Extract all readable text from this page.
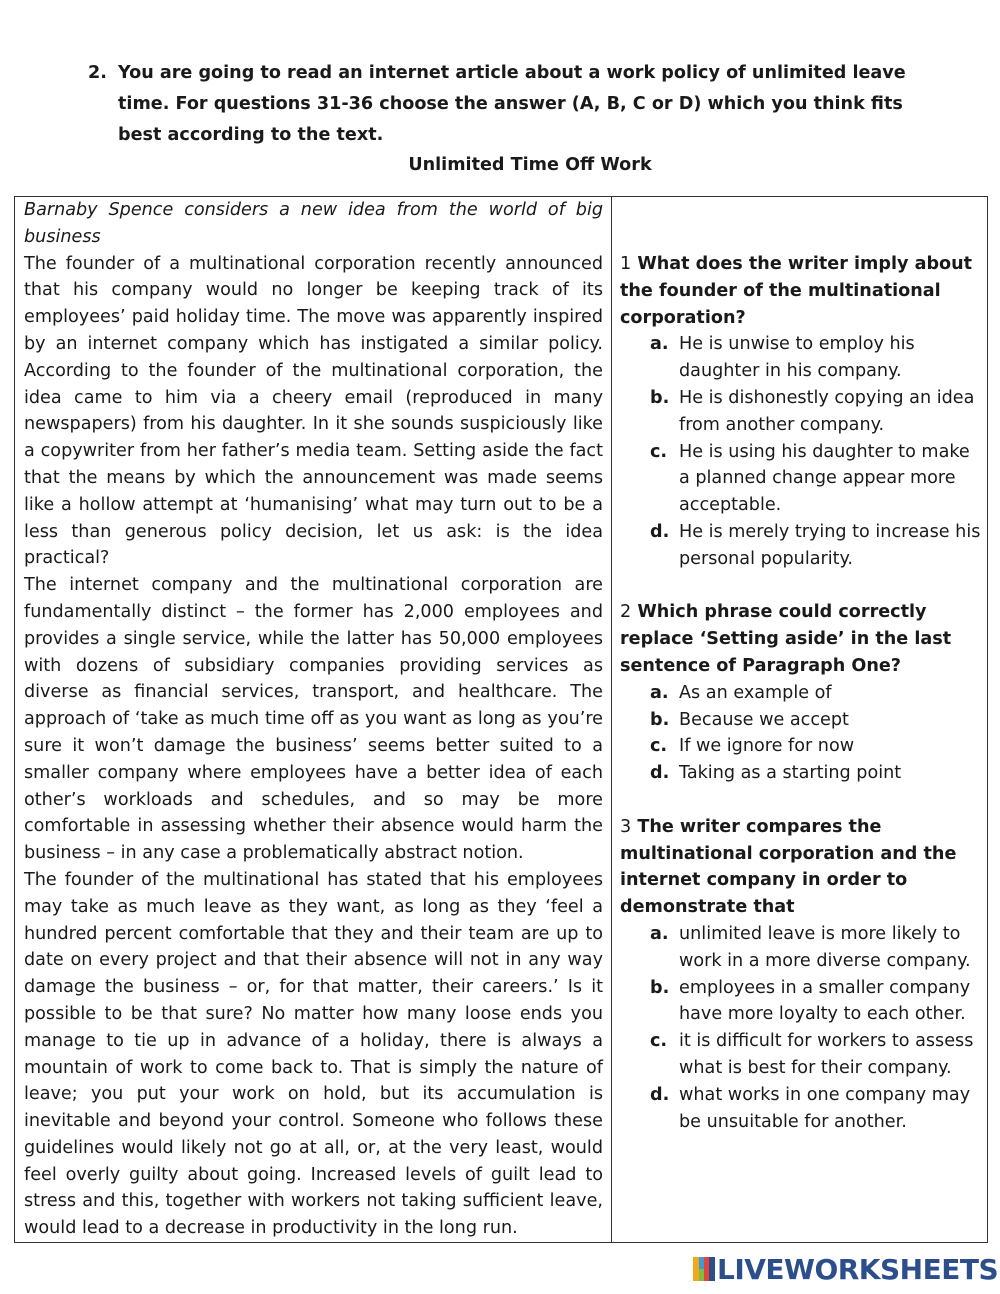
2. You are going to read an internet article about a work policy of unlimited leave time. For questions 31-36 choose the answer (A, B, C or D) which you think fits best according to the text.
Unlimited Time Off Work

Barnaby Spence considers a new idea from the world of big business

The founder of a multinational corporation recently announced that his company would no longer be keeping track of its employees’ paid holiday time. The move was apparently inspired by an internet company which has instigated a similar policy. According to the founder of the multinational corporation, the idea came to him via a cheery email (reproduced in many newspapers) from his daughter. In it she sounds suspiciously like a copywriter from her father’s media team. Setting aside the fact that the means by which the announcement was made seems like a hollow attempt at ‘humanising’ what may turn out to be a less than generous policy decision, let us ask: is the idea practical?

The internet company and the multinational corporation are fundamentally distinct – the former has 2,000 employees and provides a single service, while the latter has 50,000 employees with dozens of subsidiary companies providing services as diverse as financial services, transport, and healthcare. The approach of ‘take as much time off as you want as long as you’re sure it won’t damage the business’ seems better suited to a smaller company where employees have a better idea of each other’s workloads and schedules, and so may be more comfortable in assessing whether their absence would harm the business – in any case a problematically abstract notion.

The founder of the multinational has stated that his employees may take as much leave as they want, as long as they ‘feel a hundred percent comfortable that they and their team are up to date on every project and that their absence will not in any way damage the business – or, for that matter, their careers.’ Is it possible to be that sure? No matter how many loose ends you manage to tie up in advance of a holiday, there is always a mountain of work to come back to. That is simply the nature of leave; you put your work on hold, but its accumulation is inevitable and beyond your control. Someone who follows these guidelines would likely not go at all, or, at the very least, would feel overly guilty about going. Increased levels of guilt lead to stress and this, together with workers not taking sufficient leave, would lead to a decrease in productivity in the long run.

1 What does the writer imply about the founder of the multinational corporation?
a. He is unwise to employ his daughter in his company.
b. He is dishonestly copying an idea from another company.
c. He is using his daughter to make a planned change appear more acceptable.
d. He is merely trying to increase his personal popularity.
2 Which phrase could correctly replace ‘Setting aside’ in the last sentence of Paragraph One?
a. As an example of
b. Because we accept
c. If we ignore for now
d. Taking as a starting point
3 The writer compares the multinational corporation and the internet company in order to demonstrate that
a. unlimited leave is more likely to work in a more diverse company.
b. employees in a smaller company have more loyalty to each other.
c. it is difficult for workers to assess what is best for their company.
d. what works in one company may be unsuitable for another.
LIVEWORKSHEETS
